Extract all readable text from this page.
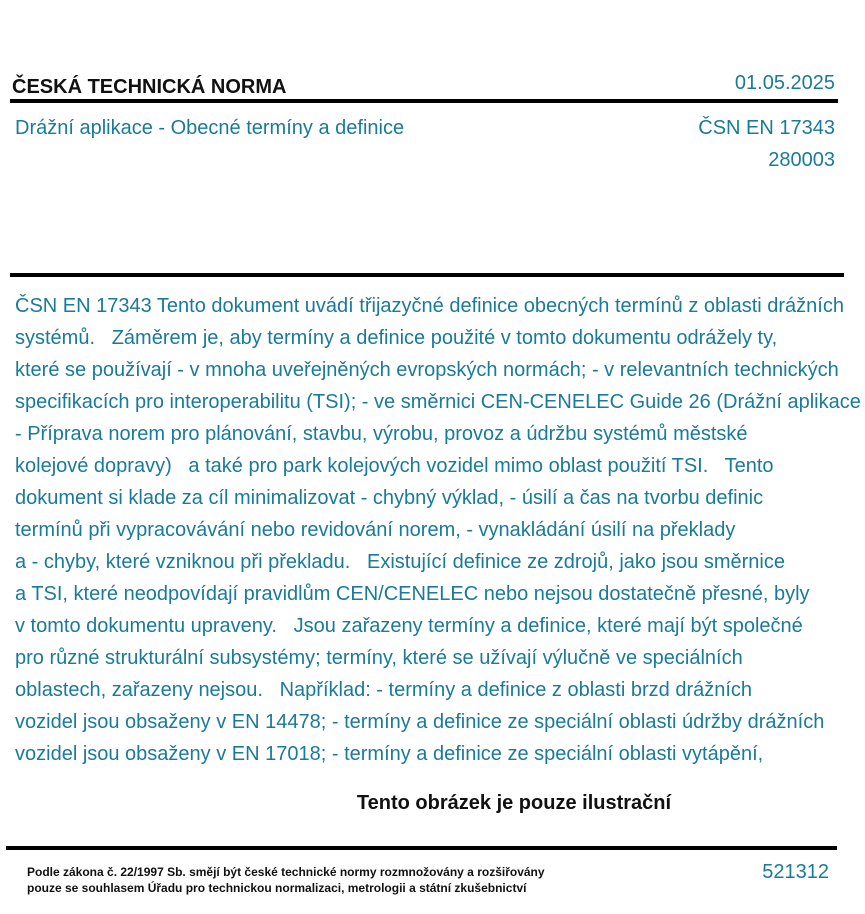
ČESKÁ TECHNICKÁ NORMA	01.05.2025
Drážní aplikace - Obecné termíny a definice	ČSN EN 17343
280003
ČSN EN 17343 Tento dokument uvádí třijazyčné definice obecných termínů z oblasti drážních
systémů.   Záměrem je, aby termíny a definice použité v tomto dokumentu odrážely ty,
které se používají - v mnoha uveřejněných evropských normách; - v relevantních technických
specifikacích pro interoperabilitu (TSI); - ve směrnici CEN-CENELEC Guide 26 (Drážní aplikace
- Příprava norem pro plánování, stavbu, výrobu, provoz a údržbu systémů městské
kolejové dopravy)   a také pro park kolejových vozidel mimo oblast použití TSI.   Tento
dokument si klade za cíl minimalizovat - chybný výklad, - úsilí a čas na tvorbu definic
termínů při vypracovávání nebo revidování norem, - vynakládání úsilí na překlady
a - chyby, které vzniknou při překladu.   Existující definice ze zdrojů, jako jsou směrnice
a TSI, které neodpovídají pravidlům CEN/CENELEC nebo nejsou dostatečně přesné, byly
v tomto dokumentu upraveny.   Jsou zařazeny termíny a definice, které mají být společné
pro různé strukturální subsystémy; termíny, které se užívají výlučně ve speciálních
oblastech, zařazeny nejsou.   Například: - termíny a definice z oblasti brzd drážních
vozidel jsou obsaženy v EN 14478; - termíny a definice ze speciální oblasti údržby drážních
vozidel jsou obsaženy v EN 17018; - termíny a definice ze speciální oblasti vytápění,
Tento obrázek je pouze ilustrační
Podle zákona č. 22/1997 Sb. smějí být české technické normy rozmnožovány a rozšiřovány
pouze se souhlasem Úřadu pro technickou normalizaci, metrologii a státní zkušebnictví
521312
